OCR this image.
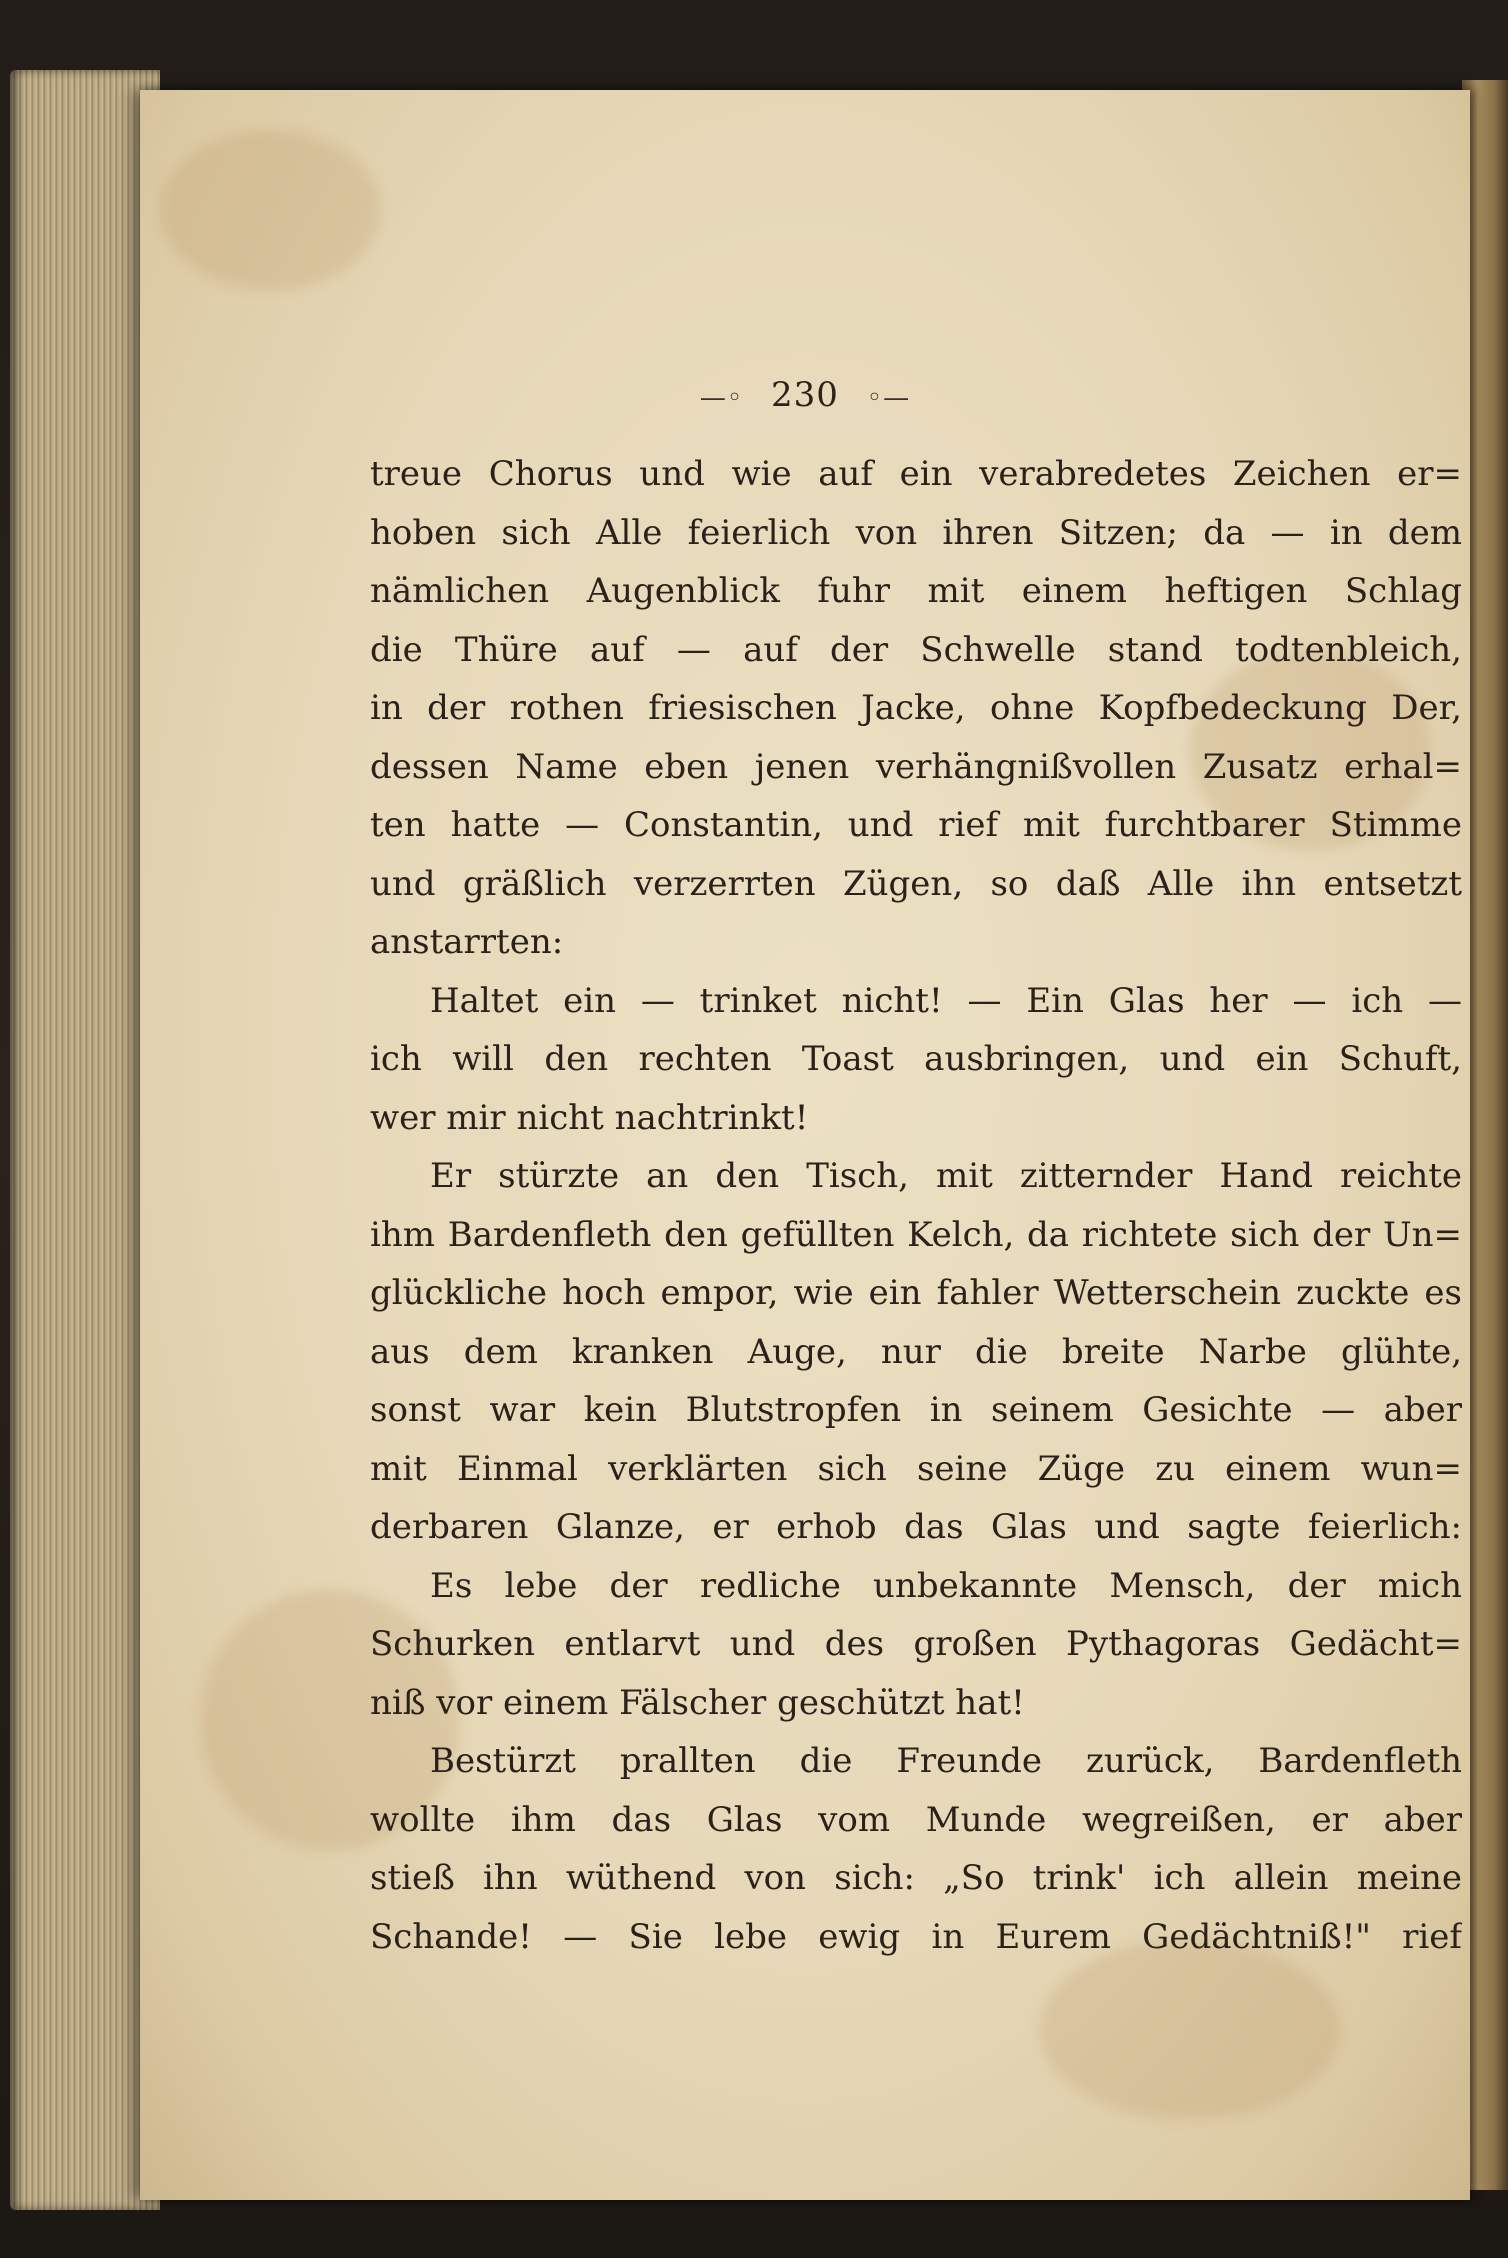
—◦ 230 ◦—
treue Chorus und wie auf ein verabredetes Zeichen er=
hoben sich Alle feierlich von ihren Sitzen; da — in dem
nämlichen Augenblick fuhr mit einem heftigen Schlag
die Thüre auf — auf der Schwelle stand todtenbleich,
in der rothen friesischen Jacke, ohne Kopfbedeckung Der,
dessen Name eben jenen verhängnißvollen Zusatz erhal=
ten hatte — Constantin, und rief mit furchtbarer Stimme
und gräßlich verzerrten Zügen, so daß Alle ihn entsetzt
anstarrten:
Haltet ein — trinket nicht! — Ein Glas her — ich —
ich will den rechten Toast ausbringen, und ein Schuft,
wer mir nicht nachtrinkt!
Er stürzte an den Tisch, mit zitternder Hand reichte
ihm Bardenfleth den gefüllten Kelch, da richtete sich der Un=
glückliche hoch empor, wie ein fahler Wetterschein zuckte es
aus dem kranken Auge, nur die breite Narbe glühte,
sonst war kein Blutstropfen in seinem Gesichte — aber
mit Einmal verklärten sich seine Züge zu einem wun=
derbaren Glanze, er erhob das Glas und sagte feierlich:
Es lebe der redliche unbekannte Mensch, der mich
Schurken entlarvt und des großen Pythagoras Gedächt=
niß vor einem Fälscher geschützt hat!
Bestürzt prallten die Freunde zurück, Bardenfleth
wollte ihm das Glas vom Munde wegreißen, er aber
stieß ihn wüthend von sich: „So trink' ich allein meine
Schande! — Sie lebe ewig in Eurem Gedächtniß!" rief
